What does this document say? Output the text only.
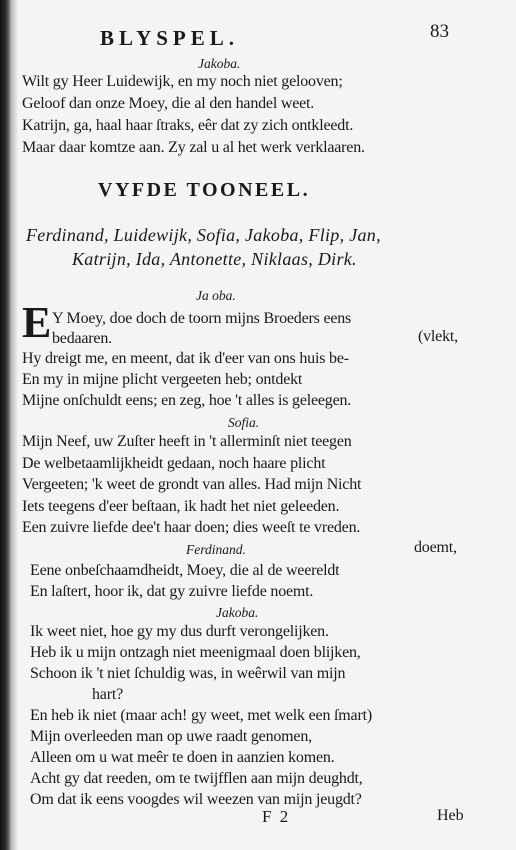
BLYSPEL.	83
Jakoba.
Wilt gy Heer Luidewijk, en my noch niet gelooven;
Geloof dan onze Moey, die al den handel weet.
Katrijn, ga, haal haar ſtraks, eêr dat zy zich ontkleedt.
Maar daar komtze aan. Zy zal u al het werk verklaaren.
VYFDE TOONEEL.
Ferdinand, Luidewijk, Sofia, Jakoba, Flip, Jan,
Katrijn, Ida, Antonette, Niklaas, Dirk.
Ja oba.
E Y Moey, doe doch de toorn mijns Broeders eens
bedaaren.	(vlekt,
Hy dreigt me, en meent, dat ik d'eer van ons huis be-
En my in mijne plicht vergeeten heb; ontdekt
Mijne onſchuldt eens; en zeg, hoe 't alles is geleegen.
Sofia.
Mijn Neef, uw Zuſter heeft in 't allerminſt niet teegen
De welbetaamlijkheidt gedaan, noch haare plicht
Vergeeten; 'k weet de grondt van alles. Had mijn Nicht
Iets teegens d'eer beſtaan, ik hadt het niet geleeden.
Een zuivre liefde dee't haar doen; dies weeſt te vreden.
Ferdinand.	doemt,
Eene onbeſchaamdheidt, Moey, die al de weereldt
En laſtert, hoor ik, dat gy zuivre liefde noemt.
Jakoba.
Ik weet niet, hoe gy my dus durft verongelijken.
Heb ik u mijn ontzagh niet meenigmaal doen blijken,
Schoon ik 't niet ſchuldig was, in weêrwil van mijn
hart?
En heb ik niet (maar ach! gy weet, met welk een ſmart)
Mijn overleeden man op uwe raadt genomen,
Alleen om u wat meêr te doen in aanzien komen.
Acht gy dat reeden, om te twijfflen aan mijn deughdt,
Om dat ik eens voogdes wil weezen van mijn jeugdt?
F 2	Heb
